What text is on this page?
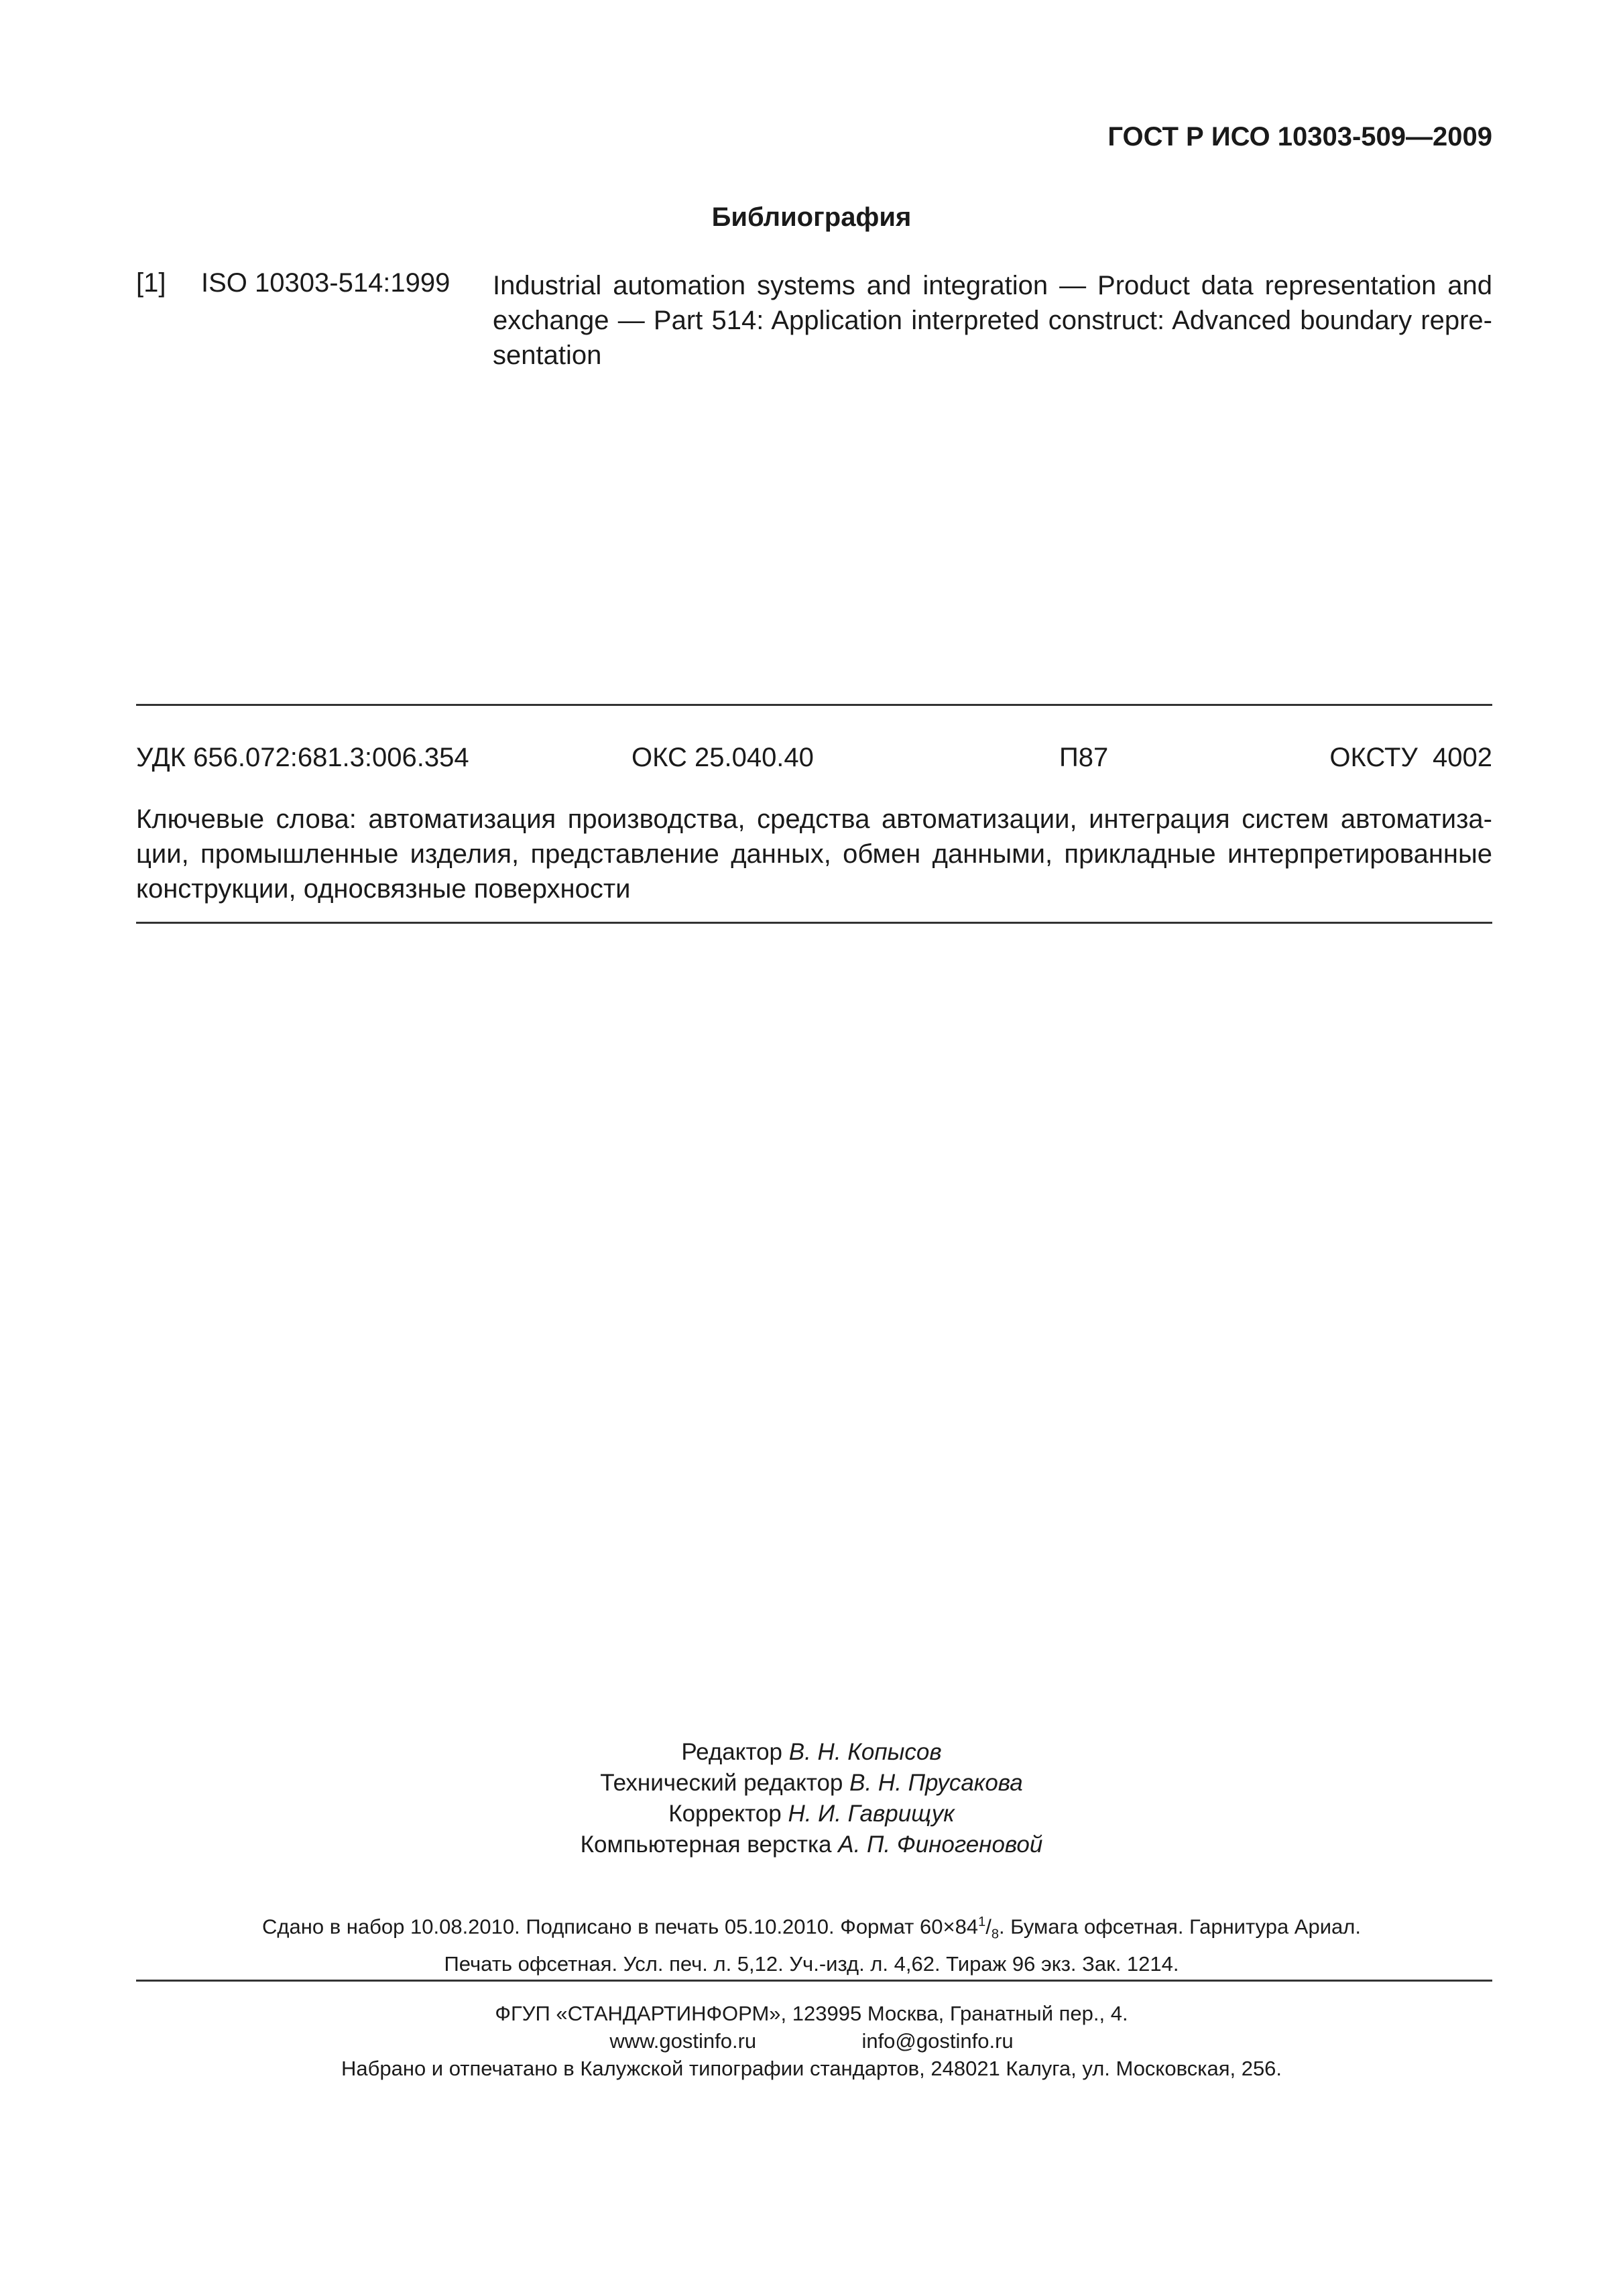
ГОСТ Р ИСО 10303-509—2009
Библиография
[1] ISO 10303-514:1999 Industrial automation systems and integration — Product data representation and exchange — Part 514: Application interpreted construct: Advanced boundary repre-sentation
УДК 656.072:681.3:006.354	ОКС 25.040.40	П87	ОКСТУ  4002
Ключевые слова: автоматизация производства, средства автоматизации, интеграция систем автоматиза-ции, промышленные изделия, представление данных, обмен данными, прикладные интерпретированные конструкции, односвязные поверхности
Редактор В. Н. Копысов
Технический редактор В. Н. Прусакова
Корректор Н. И. Гаврищук
Компьютерная верстка А. П. Финогеновой
Сдано в набор 10.08.2010. Подписано в печать 05.10.2010. Формат $60\times 84^1/_8$. Бумага офсетная. Гарнитура Ариал.
Печать офсетная. Усл. печ. л. 5,12. Уч.-изд. л. 4,62. Тираж 96 экз. Зак. 1214.
ФГУП «СТАНДАРТИНФОРМ», 123995 Москва, Гранатный пер., 4.
www.gostinfo.ru	info@gostinfo.ru
Набрано и отпечатано в Калужской типографии стандартов, 248021 Калуга, ул. Московская, 256.
